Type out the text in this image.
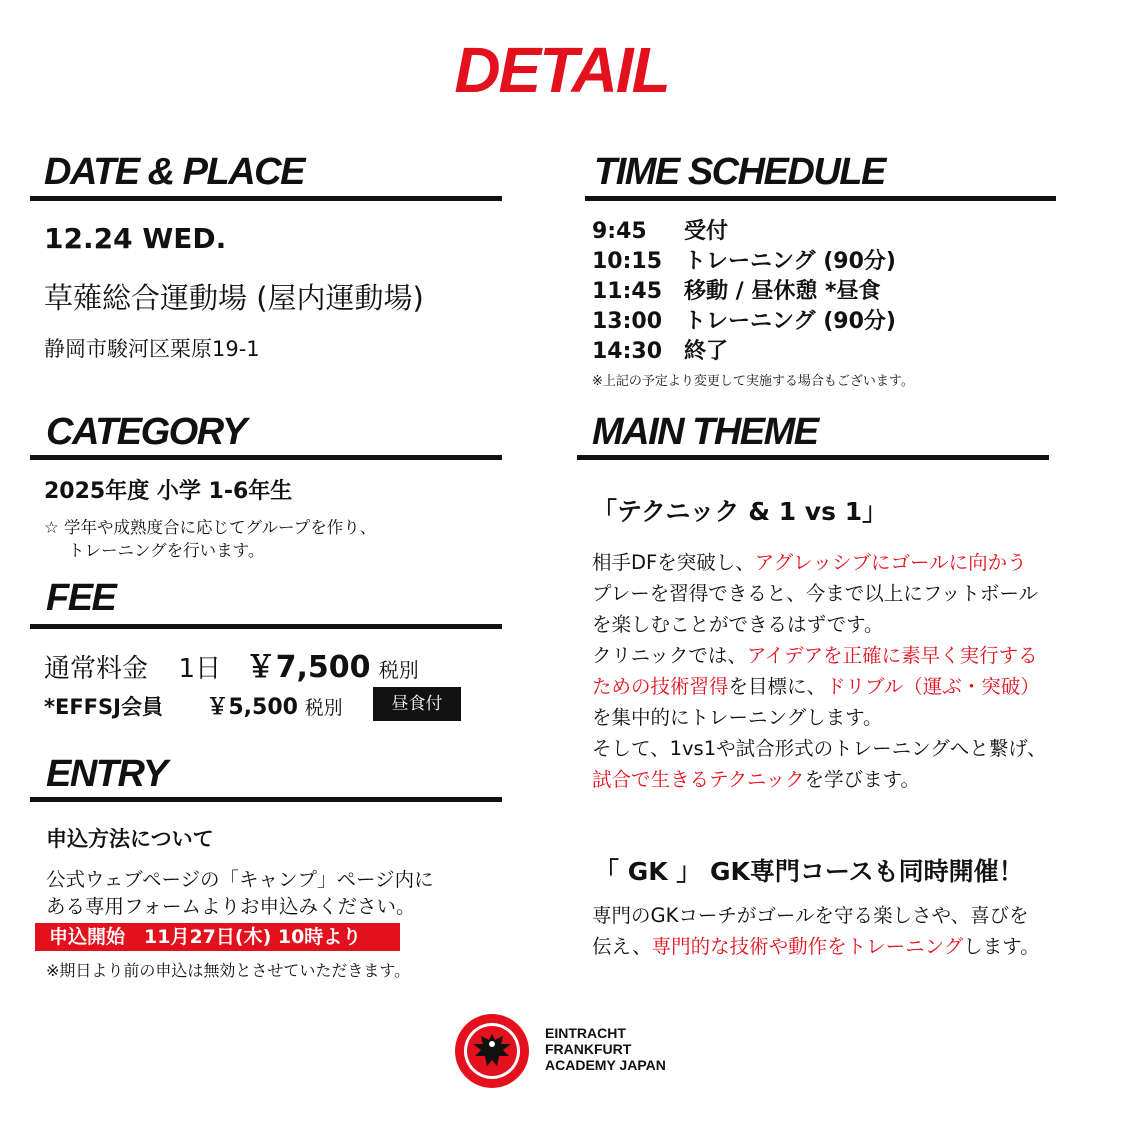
DETAIL
DATE & PLACE
12.24 WED.
草薙総合運動場 (屋内運動場)
静岡市駿河区栗原19-1
CATEGORY
2025年度 小学 1-6年生
☆ 学年や成熟度合に応じてグループを作り、
トレーニングを行います。
FEE
通常料金 1日 ￥7,500 税別
*EFFSJ会員 ￥5,500 税別	昼食付
ENTRY
申込方法について
公式ウェブページの「キャンプ」ページ内に
ある専用フォームよりお申込みください。
申込開始　11月27日(木) 10時より
※期日より前の申込は無効とさせていただきます。
TIME SCHEDULE
9:45 受付
10:15 トレーニング (90分)
11:45 移動 / 昼休憩 *昼食
13:00 トレーニング (90分)
14:30 終了
※上記の予定より変更して実施する場合もございます。
MAIN THEME
「テクニック & 1 vs 1」
相手DFを突破し、アグレッシブにゴールに向かう
プレーを習得できると、今まで以上にフットボール
を楽しむことができるはずです。
クリニックでは、アイデアを正確に素早く実行する
ための技術習得を目標に、ドリブル（運ぶ・突破）
を集中的にトレーニングします。
そして、1vs1や試合形式のトレーニングへと繋げ、
試合で生きるテクニックを学びます。
「 GK 」 GK専門コースも同時開催！
専門のGKコーチがゴールを守る楽しさや、喜びを
伝え、専門的な技術や動作をトレーニングします。
EINTRACHT
FRANKFURT
ACADEMY JAPAN
